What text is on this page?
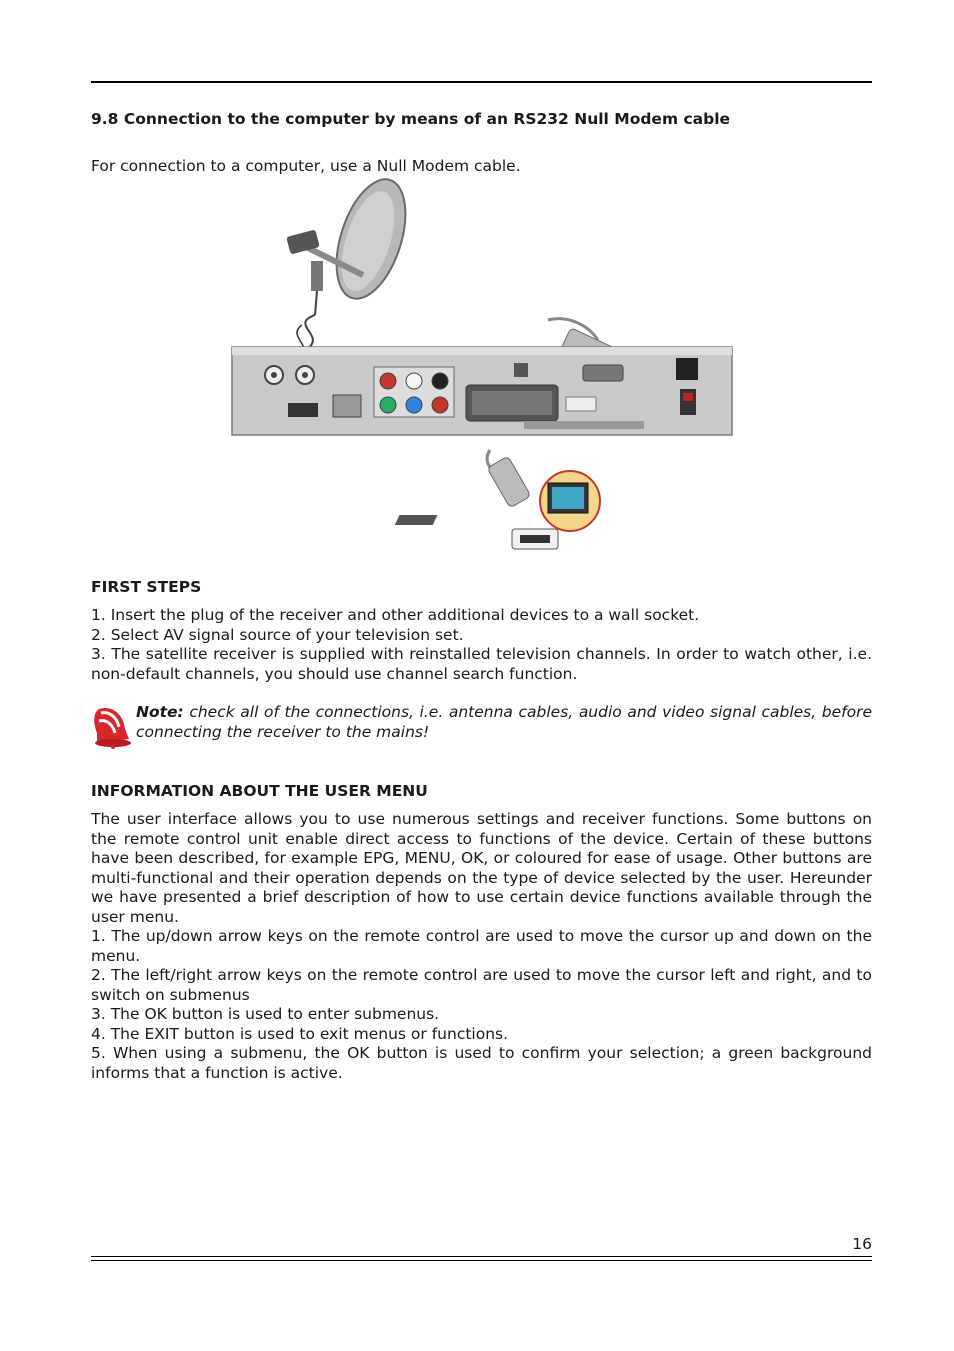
9.8 Connection to the computer by means of an RS232 Null Modem cable

For connection to a computer, use a Null Modem cable.

FIRST STEPS

1. Insert the plug of the receiver and other additional devices to a wall socket.

2. Select AV signal source of your television set.

3. The satellite receiver is supplied with reinstalled television channels. In order to watch other, i.e. non-default channels, you should use channel search function.

Note: check all of the connections, i.e. antenna cables, audio and video signal cables, before connecting the receiver to the mains!

INFORMATION ABOUT THE USER MENU

The user interface allows you to use numerous settings and receiver functions. Some buttons on the remote control unit enable direct access to functions of the device. Certain of these buttons have been described, for example EPG, MENU, OK, or coloured for ease of usage. Other buttons are multi-functional and their operation depends on the type of device selected by the user. Hereunder we have presented a brief description of how to use certain device functions available through the user menu.

1. The up/down arrow keys on the remote control are used to move the cursor up and down on the menu.

2. The left/right arrow keys on the remote control are used to move the cursor left and right, and to switch on submenus

3. The OK button is used to enter submenus.

4. The EXIT button is used to exit menus or functions.

5. When using a submenu, the OK button is used to confirm your selection; a green background informs that a function is active.

16
